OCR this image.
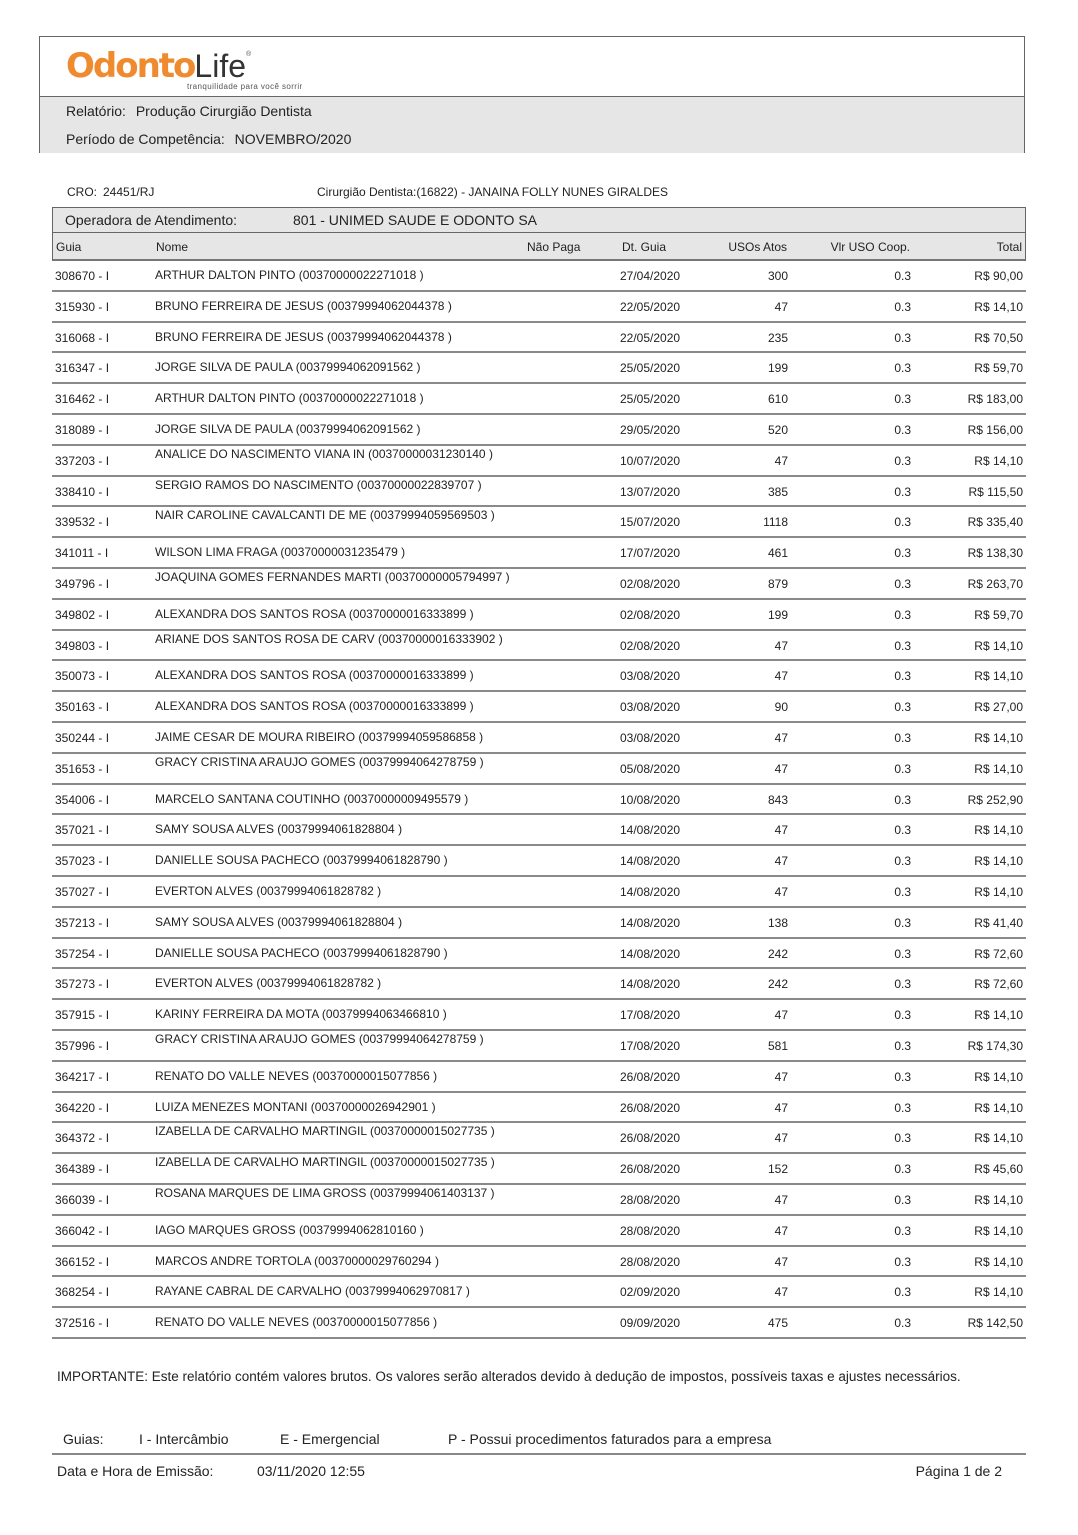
OdontoLife®
tranquilidade para você sorrir
Relatório: Produção Cirurgião Dentista
Período de Competência: NOVEMBRO/2020
CRO: 24451/RJ	Cirurgião Dentista:(16822) - JANAINA FOLLY NUNES GIRALDES
Operadora de Atendimento:	801 - UNIMED SAUDE E ODONTO SA
Guia	Nome	Não Paga	Dt. Guia	USOs Atos	Vlr USO Coop.	Total
308670 - I	ARTHUR DALTON PINTO (00370000022271018 )	27/04/2020	300	0.3	R$ 90,00
315930 - I	BRUNO FERREIRA DE JESUS (00379994062044378 )	22/05/2020	47	0.3	R$ 14,10
316068 - I	BRUNO FERREIRA DE JESUS (00379994062044378 )	22/05/2020	235	0.3	R$ 70,50
316347 - I	JORGE SILVA DE PAULA (00379994062091562 )	25/05/2020	199	0.3	R$ 59,70
316462 - I	ARTHUR DALTON PINTO (00370000022271018 )	25/05/2020	610	0.3	R$ 183,00
318089 - I	JORGE SILVA DE PAULA (00379994062091562 )	29/05/2020	520	0.3	R$ 156,00
337203 - I	ANALICE DO NASCIMENTO VIANA IN (00370000031230140 )	10/07/2020	47	0.3	R$ 14,10
338410 - I	SERGIO RAMOS DO NASCIMENTO (00370000022839707 )	13/07/2020	385	0.3	R$ 115,50
339532 - I	NAIR CAROLINE CAVALCANTI DE ME (00379994059569503 )	15/07/2020	1118	0.3	R$ 335,40
341011 - I	WILSON LIMA FRAGA (00370000031235479 )	17/07/2020	461	0.3	R$ 138,30
349796 - I	JOAQUINA GOMES FERNANDES MARTI (00370000005794997 )	02/08/2020	879	0.3	R$ 263,70
349802 - I	ALEXANDRA DOS SANTOS ROSA (00370000016333899 )	02/08/2020	199	0.3	R$ 59,70
349803 - I	ARIANE DOS SANTOS ROSA DE CARV (00370000016333902 )	02/08/2020	47	0.3	R$ 14,10
350073 - I	ALEXANDRA DOS SANTOS ROSA (00370000016333899 )	03/08/2020	47	0.3	R$ 14,10
350163 - I	ALEXANDRA DOS SANTOS ROSA (00370000016333899 )	03/08/2020	90	0.3	R$ 27,00
350244 - I	JAIME CESAR DE MOURA RIBEIRO (00379994059586858 )	03/08/2020	47	0.3	R$ 14,10
351653 - I	GRACY CRISTINA ARAUJO GOMES (00379994064278759 )	05/08/2020	47	0.3	R$ 14,10
354006 - I	MARCELO SANTANA COUTINHO (00370000009495579 )	10/08/2020	843	0.3	R$ 252,90
357021 - I	SAMY SOUSA ALVES (00379994061828804 )	14/08/2020	47	0.3	R$ 14,10
357023 - I	DANIELLE SOUSA PACHECO (00379994061828790 )	14/08/2020	47	0.3	R$ 14,10
357027 - I	EVERTON ALVES (00379994061828782 )	14/08/2020	47	0.3	R$ 14,10
357213 - I	SAMY SOUSA ALVES (00379994061828804 )	14/08/2020	138	0.3	R$ 41,40
357254 - I	DANIELLE SOUSA PACHECO (00379994061828790 )	14/08/2020	242	0.3	R$ 72,60
357273 - I	EVERTON ALVES (00379994061828782 )	14/08/2020	242	0.3	R$ 72,60
357915 - I	KARINY FERREIRA DA MOTA (00379994063466810 )	17/08/2020	47	0.3	R$ 14,10
357996 - I	GRACY CRISTINA ARAUJO GOMES (00379994064278759 )	17/08/2020	581	0.3	R$ 174,30
364217 - I	RENATO DO VALLE NEVES (00370000015077856 )	26/08/2020	47	0.3	R$ 14,10
364220 - I	LUIZA MENEZES MONTANI (00370000026942901 )	26/08/2020	47	0.3	R$ 14,10
364372 - I	IZABELLA DE CARVALHO MARTINGIL (00370000015027735 )	26/08/2020	47	0.3	R$ 14,10
364389 - I	IZABELLA DE CARVALHO MARTINGIL (00370000015027735 )	26/08/2020	152	0.3	R$ 45,60
366039 - I	ROSANA MARQUES DE LIMA GROSS (00379994061403137 )	28/08/2020	47	0.3	R$ 14,10
366042 - I	IAGO MARQUES GROSS (00379994062810160 )	28/08/2020	47	0.3	R$ 14,10
366152 - I	MARCOS ANDRE TORTOLA (00370000029760294 )	28/08/2020	47	0.3	R$ 14,10
368254 - I	RAYANE CABRAL DE CARVALHO (00379994062970817 )	02/09/2020	47	0.3	R$ 14,10
372516 - I	RENATO DO VALLE NEVES (00370000015077856 )	09/09/2020	475	0.3	R$ 142,50
IMPORTANTE: Este relatório contém valores brutos. Os valores serão alterados devido à dedução de impostos, possíveis taxas e ajustes necessários.
Guias:	I - Intercâmbio	E - Emergencial	P - Possui procedimentos faturados para a empresa
Data e Hora de Emissão:	03/11/2020 12:55	Página 1 de 2
